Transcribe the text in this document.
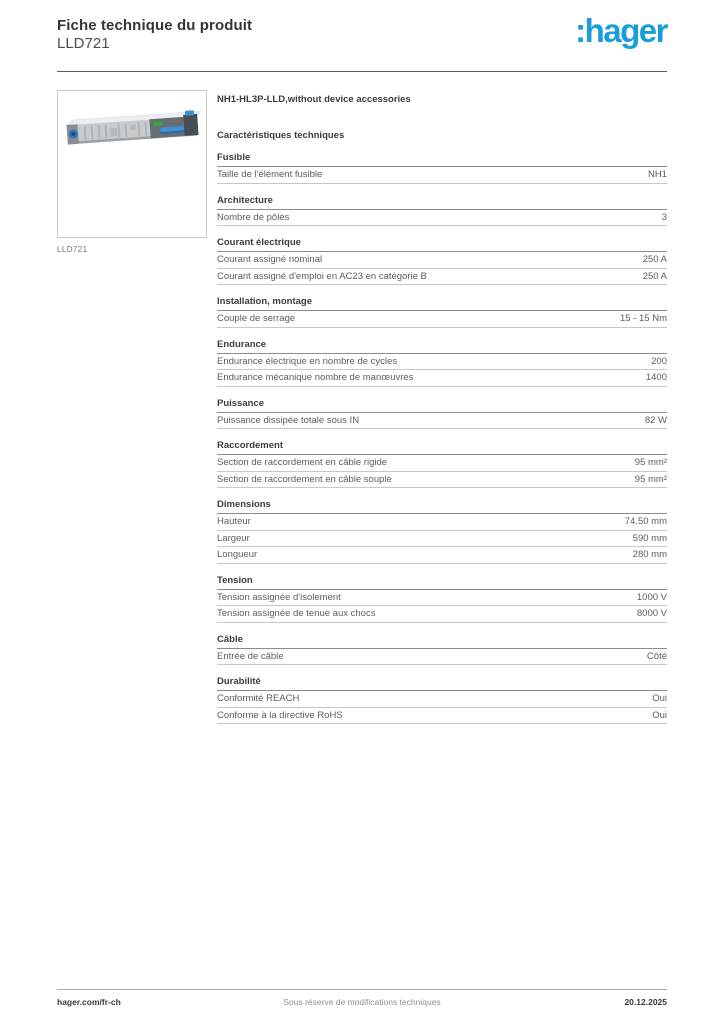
Fiche technique du produit
LLD721	:hager
LLD721
NH1-HL3P-LLD,without device accessories
Caractéristiques techniques
Fusible
Taille de l'élément fusible	NH1
Architecture
Nombre de pôles	3
Courant électrique
Courant assigné nominal	250 A
Courant assigné d'emploi en AC23 en catégorie B	250 A
Installation, montage
Couple de serrage	15 - 15 Nm
Endurance
Endurance électrique en nombre de cycles	200
Endurance mécanique nombre de manœuvres	1400
Puissance
Puissance dissipée totale sous IN	82 W
Raccordement
Section de raccordement en câble rigide	95 mm²
Section de raccordement en câble souple	95 mm²
Dimensions
Hauteur	74.50 mm
Largeur	590 mm
Longueur	280 mm
Tension
Tension assignée d'isolement	1000 V
Tension assignée de tenue aux chocs	8000 V
Câble
Entrée de câble	Côté
Durabilité
Conformité REACH	Oui
Conforme à la directive RoHS	Oui
hager.com/fr-ch	Sous réserve de modifications techniques	20.12.2025
